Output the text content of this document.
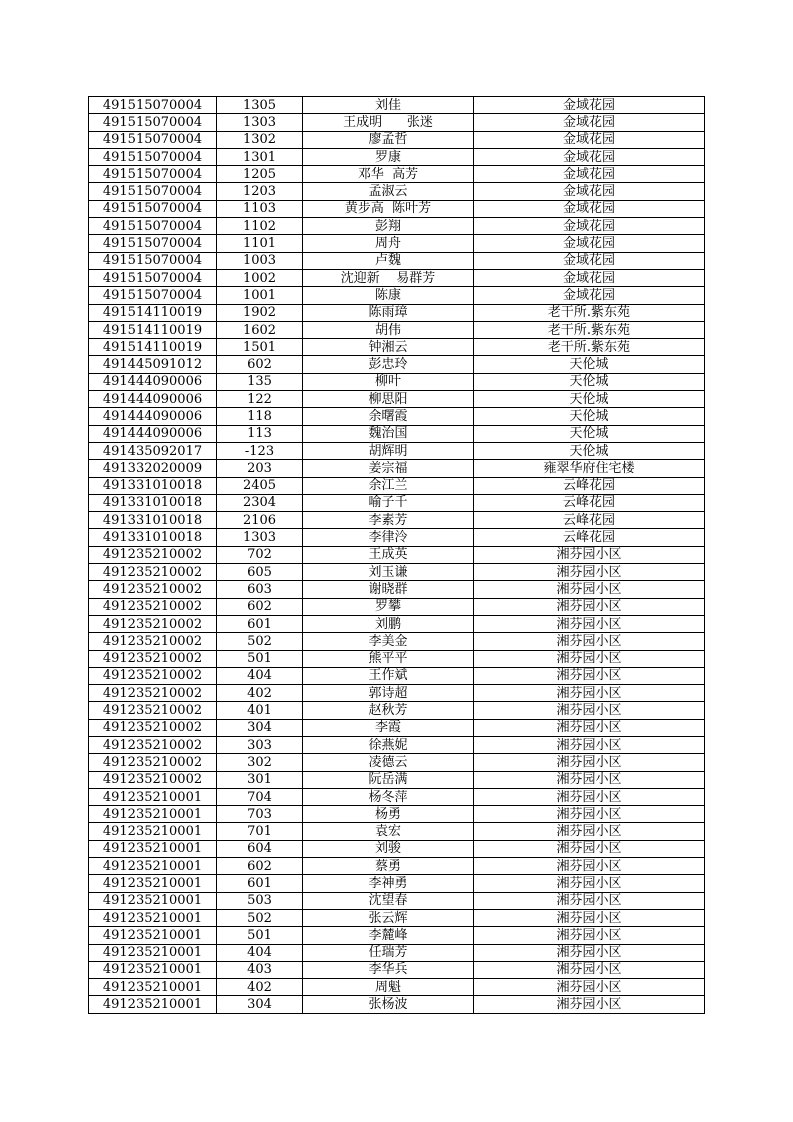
491515070004	1305	刘佳	金域花园
491515070004	1303	王成明      张迷	金域花园
491515070004	1302	廖孟哲	金域花园
491515070004	1301	罗康	金域花园
491515070004	1205	邓华  高芳	金域花园
491515070004	1203	孟淑云	金域花园
491515070004	1103	黄步高  陈叶芳	金域花园
491515070004	1102	彭翔	金域花园
491515070004	1101	周舟	金域花园
491515070004	1003	卢魏	金域花园
491515070004	1002	沈迎新    易群芳	金域花园
491515070004	1001	陈康	金域花园
491514110019	1902	陈雨璋	老干所.紫东苑
491514110019	1602	胡伟	老干所.紫东苑
491514110019	1501	钟湘云	老干所.紫东苑
491445091012	602	彭忠玲	天伦城
491444090006	135	柳叶	天伦城
491444090006	122	柳思阳	天伦城
491444090006	118	余曙霞	天伦城
491444090006	113	魏治国	天伦城
491435092017	-123	胡辉明	天伦城
491332020009	203	姜宗福	雍翠华府住宅楼
491331010018	2405	余江兰	云峰花园
491331010018	2304	喻子千	云峰花园
491331010018	2106	李素芳	云峰花园
491331010018	1303	李律泠	云峰花园
491235210002	702	王成英	湘芬园小区
491235210002	605	刘玉谦	湘芬园小区
491235210002	603	谢晓群	湘芬园小区
491235210002	602	罗攀	湘芬园小区
491235210002	601	刘鹏	湘芬园小区
491235210002	502	李美金	湘芬园小区
491235210002	501	熊平平	湘芬园小区
491235210002	404	王作斌	湘芬园小区
491235210002	402	郭诗超	湘芬园小区
491235210002	401	赵秋芳	湘芬园小区
491235210002	304	李霞	湘芬园小区
491235210002	303	徐燕妮	湘芬园小区
491235210002	302	凌德云	湘芬园小区
491235210002	301	阮岳满	湘芬园小区
491235210001	704	杨冬萍	湘芬园小区
491235210001	703	杨勇	湘芬园小区
491235210001	701	袁宏	湘芬园小区
491235210001	604	刘骏	湘芬园小区
491235210001	602	蔡勇	湘芬园小区
491235210001	601	李神勇	湘芬园小区
491235210001	503	沈望春	湘芬园小区
491235210001	502	张云辉	湘芬园小区
491235210001	501	李麓峰	湘芬园小区
491235210001	404	任瑞芳	湘芬园小区
491235210001	403	李华兵	湘芬园小区
491235210001	402	周魁	湘芬园小区
491235210001	304	张杨波	湘芬园小区
